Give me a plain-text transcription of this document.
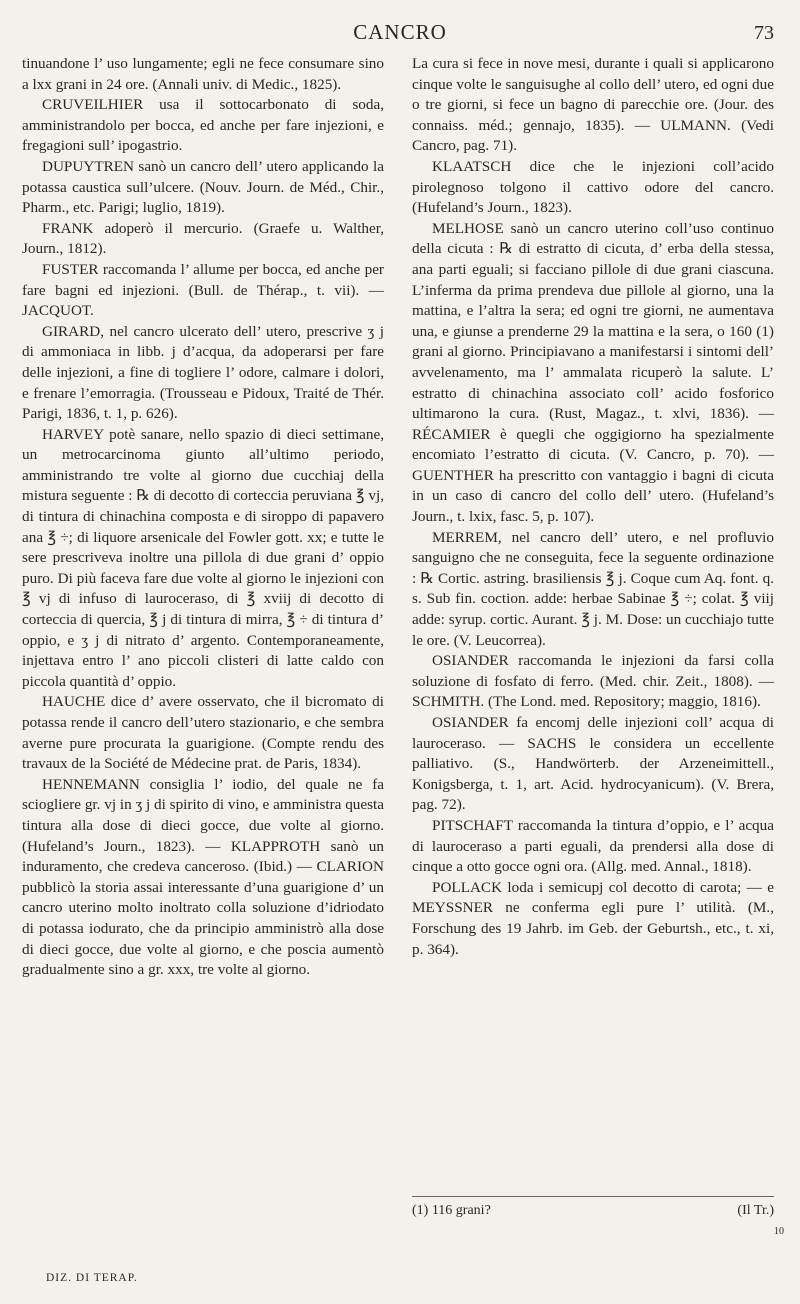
CANCRO	73

tinuandone l’ uso lungamente; egli ne fece consumare sino a lxx grani in 24 ore. (Annali univ. di Medic., 1825).

CRUVEILHIER usa il sottocarbonato di soda, amministrandolo per bocca, ed anche per fare injezioni, e fregagioni sull’ ipogastrio.

DUPUYTREN sanò un cancro dell’ utero applicando la potassa caustica sull’ulcere. (Nouv. Journ. de Méd., Chir., Pharm., etc. Parigi; luglio, 1819).

FRANK adoperò il mercurio. (Graefe u. Walther, Journ., 1812).

FUSTER raccomanda l’ allume per bocca, ed anche per fare bagni ed injezioni. (Bull. de Thérap., t. vii). — JACQUOT.

GIRARD, nel cancro ulcerato dell’ utero, prescrive ʒ j di ammoniaca in libb. j d’acqua, da adoperarsi per fare delle injezioni, a fine di togliere l’ odore, calmare i dolori, e frenare l’emorragia. (Trousseau e Pidoux, Traité de Thér. Parigi, 1836, t. 1, p. 626).

HARVEY potè sanare, nello spazio di dieci settimane, un metrocarcinoma giunto all’ultimo periodo, amministrando tre volte al giorno due cucchiaj della mistura seguente : ℞ di decotto di corteccia peruviana ℥ vj, di tintura di chinachina composta e di siroppo di papavero ana ℥ ÷; di liquore arsenicale del Fowler gott. xx; e tutte le sere prescriveva inoltre una pillola di due grani d’ oppio puro. Di più faceva fare due volte al giorno le injezioni con ℥ vj di infuso di lauroceraso, di ℥ xviij di decotto di corteccia di quercia, ℥ j di tintura di mirra, ℥ ÷ di tintura d’ oppio, e ʒ j di nitrato d’ argento. Contemporaneamente, injettava entro l’ ano piccoli clisteri di latte caldo con piccola quantità d’ oppio.

HAUCHE dice d’ avere osservato, che il bicromato di potassa rende il cancro dell’utero stazionario, e che sembra averne pure procurata la guarigione. (Compte rendu des travaux de la Société de Médecine prat. de Paris, 1834).

HENNEMANN consiglia l’ iodio, del quale ne fa sciogliere gr. vj in ʒ j di spirito di vino, e amministra questa tintura alla dose di dieci gocce, due volte al giorno. (Hufeland’s Journ., 1823). — KLAPPROTH sanò un induramento, che credeva canceroso. (Ibid.) — CLARION pubblicò la storia assai interessante d’una guarigione d’ un cancro uterino molto inoltrato colla soluzione d’idriodato di potassa iodurato, che da principio amministrò alla dose di dieci gocce, due volte al giorno, e che poscia aumentò gradualmente sino a gr. xxx, tre volte al giorno.

La cura si fece in nove mesi, durante i quali si applicarono cinque volte le sanguisughe al collo dell’ utero, ed ogni due o tre giorni, si fece un bagno di parecchie ore. (Jour. des connaiss. méd.; gennajo, 1835). — ULMANN. (Vedi Cancro, pag. 71).

KLAATSCH dice che le injezioni coll’acido pirolegnoso tolgono il cattivo odore del cancro. (Hufeland’s Journ., 1823).

MELHOSE sanò un cancro uterino coll’uso continuo della cicuta : ℞ di estratto di cicuta, d’ erba della stessa, ana parti eguali; si facciano pillole di due grani ciascuna. L’inferma da prima prendeva due pillole al giorno, una la mattina, e l’altra la sera; ed ogni tre giorni, ne aumentava una, e giunse a prenderne 29 la mattina e la sera, o 160 (1) grani al giorno. Principiavano a manifestarsi i sintomi dell’ avvelenamento, ma l’ ammalata ricuperò la salute. L’ estratto di chinachina associato coll’ acido fosforico ultimarono la cura. (Rust, Magaz., t. xlvi, 1836). — RÉCAMIER è quegli che oggigiorno ha spezialmente encomiato l’estratto di cicuta. (V. Cancro, p. 70). — GUENTHER ha prescritto con vantaggio i bagni di cicuta in un caso di cancro del collo dell’ utero. (Hufeland’s Journ., t. lxix, fasc. 5, p. 107).

MERREM, nel cancro dell’ utero, e nel profluvio sanguigno che ne conseguita, fece la seguente ordinazione : ℞ Cortic. astring. brasiliensis ℥ j. Coque cum Aq. font. q. s. Sub fin. coction. adde: herbae Sabinae ℥ ÷; colat. ℥ viij adde: syrup. cortic. Aurant. ℥ j. M. Dose: un cucchiajo tutte le ore. (V. Leucorrea).

OSIANDER raccomanda le injezioni da farsi colla soluzione di fosfato di ferro. (Med. chir. Zeit., 1808). — SCHMITH. (The Lond. med. Repository; maggio, 1816).

OSIANDER fa encomj delle injezioni coll’ acqua di lauroceraso. — SACHS le considera un eccellente palliativo. (S., Handwörterb. der Arzeneimittell., Konigsberga, t. 1, art. Acid. hydrocyanicum). (V. Brera, pag. 72).

PITSCHAFT raccomanda la tintura d’oppio, e l’ acqua di lauroceraso a parti eguali, da prendersi alla dose di cinque a otto gocce ogni ora. (Allg. med. Annal., 1818).

POLLACK loda i semicupj col decotto di carota; — e MEYSSNER ne conferma egli pure l’ utilità. (M., Forschung des 19 Jahrb. im Geb. der Geburtsh., etc., t. xi, p. 364).

(1) 116 grani?	(Il Tr.)
DIZ. DI TERAP.
10
